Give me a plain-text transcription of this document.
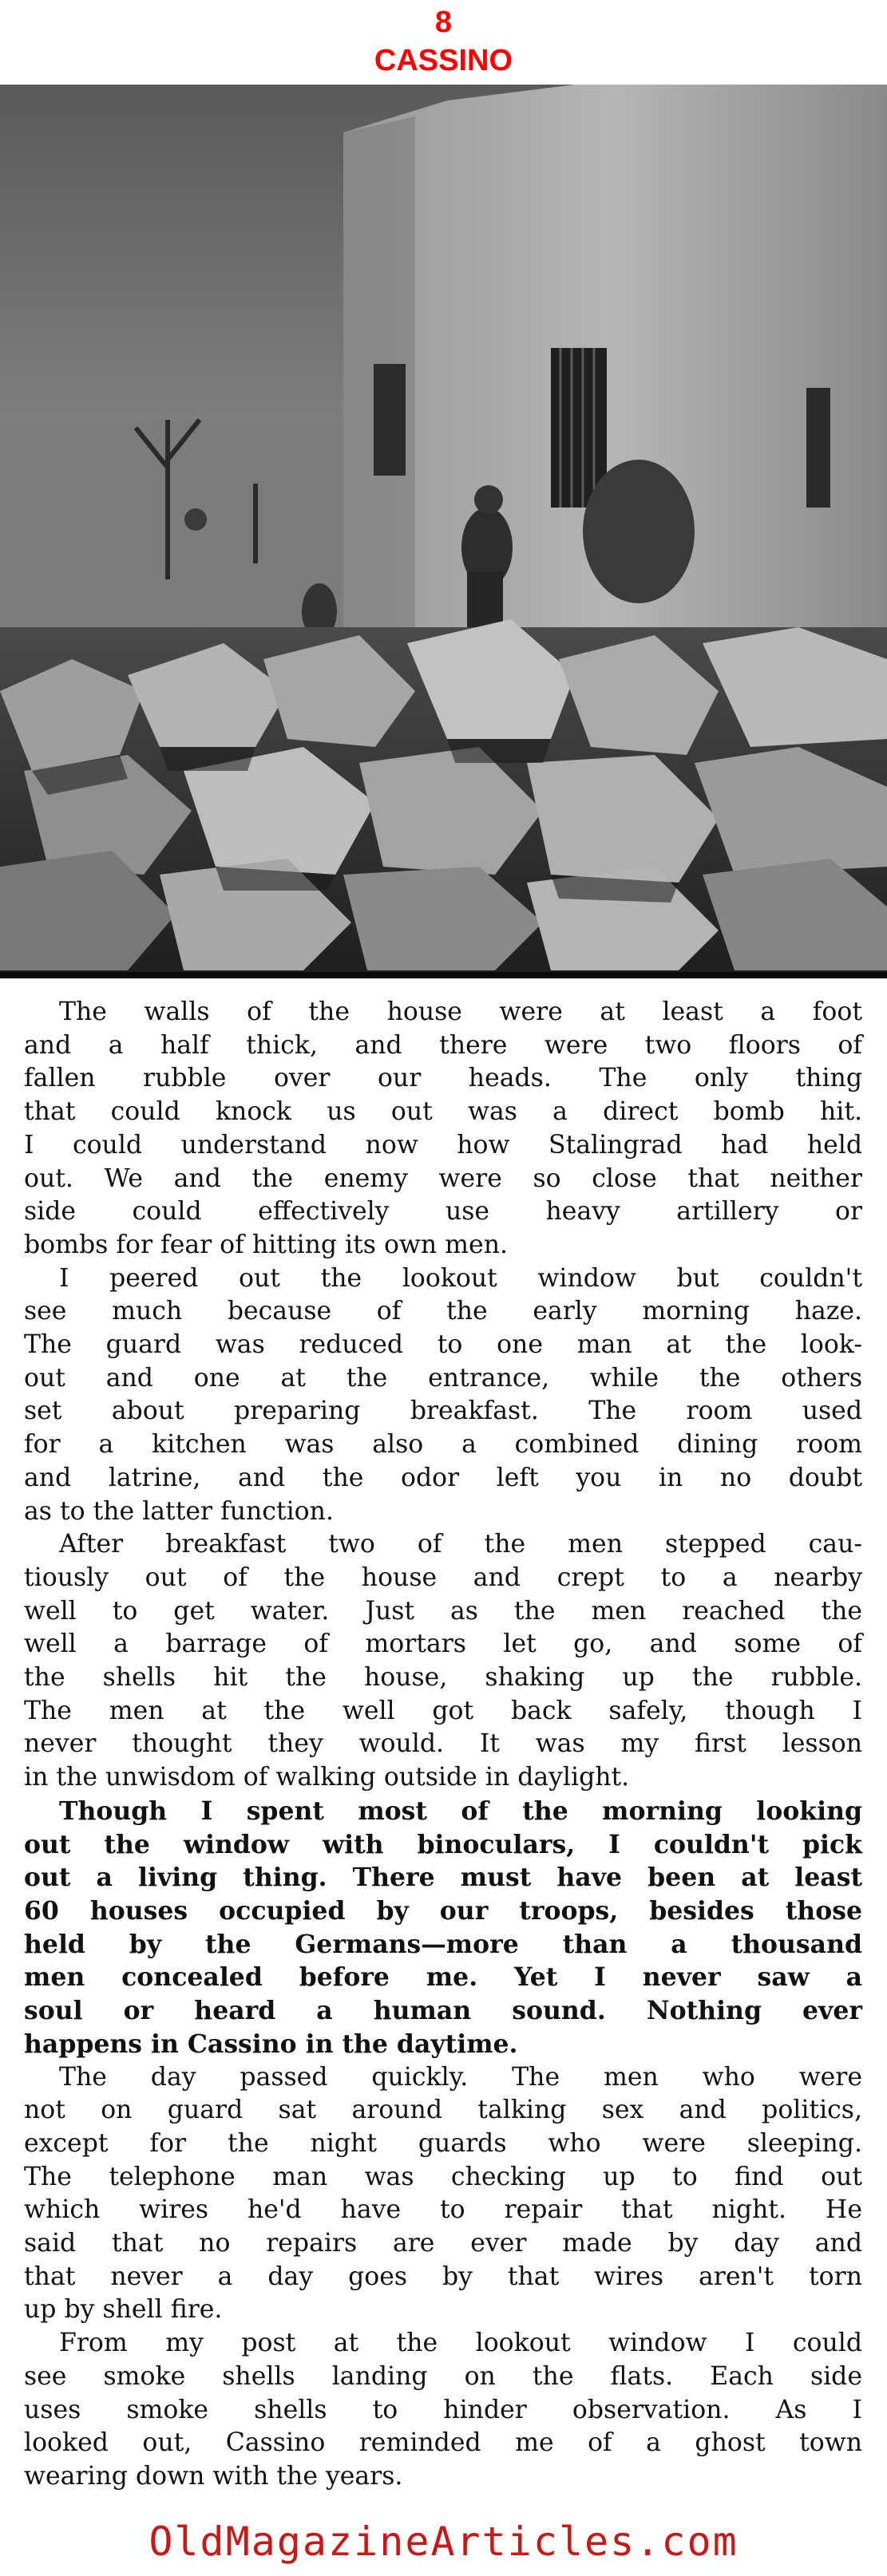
8
CASSINO

The walls of the house were at least a foot
and a half thick, and there were two floors of
fallen rubble over our heads. The only thing
that could knock us out was a direct bomb hit.
I could understand now how Stalingrad had held
out. We and the enemy were so close that neither
side could effectively use heavy artillery or
bombs for fear of hitting its own men.

I peered out the lookout window but couldn't
see much because of the early morning haze.
The guard was reduced to one man at the look-
out and one at the entrance, while the others
set about preparing breakfast. The room used
for a kitchen was also a combined dining room
and latrine, and the odor left you in no doubt
as to the latter function.

After breakfast two of the men stepped cau-
tiously out of the house and crept to a nearby
well to get water. Just as the men reached the
well a barrage of mortars let go, and some of
the shells hit the house, shaking up the rubble.
The men at the well got back safely, though I
never thought they would. It was my first lesson
in the unwisdom of walking outside in daylight.

Though I spent most of the morning looking
out the window with binoculars, I couldn't pick
out a living thing. There must have been at least
60 houses occupied by our troops, besides those
held by the Germans—more than a thousand
men concealed before me. Yet I never saw a
soul or heard a human sound. Nothing ever
happens in Cassino in the daytime.

The day passed quickly. The men who were
not on guard sat around talking sex and politics,
except for the night guards who were sleeping.
The telephone man was checking up to find out
which wires he'd have to repair that night. He
said that no repairs are ever made by day and
that never a day goes by that wires aren't torn
up by shell fire.

From my post at the lookout window I could
see smoke shells landing on the flats. Each side
uses smoke shells to hinder observation. As I
looked out, Cassino reminded me of a ghost town
wearing down with the years.

OldMagazineArticles.com
